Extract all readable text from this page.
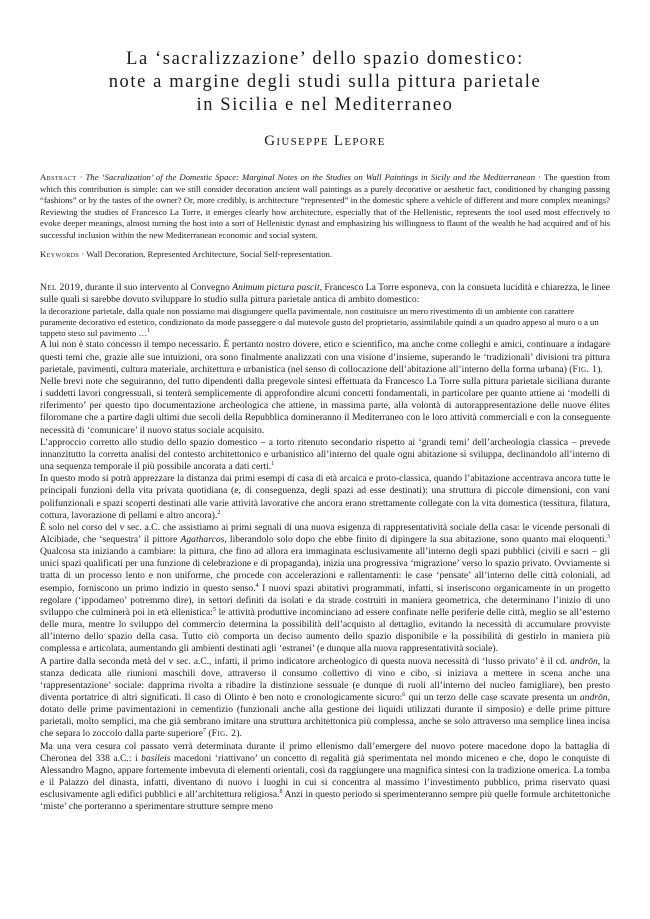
La ‘sacralizzazione’ dello spazio domestico:
note a margine degli studi sulla pittura parietale
in Sicilia e nel Mediterraneo
Giuseppe Lepore
Abstract · The ‘Sacralization’ of the Domestic Space: Marginal Notes on the Studies on Wall Paintings in Sicily and the Mediterranean · The question from which this contribution is simple: can we still consider decoration ancient wall paintings as a purely decorative or aesthetic fact, conditioned by changing passing “fashions” or by the tastes of the owner? Or, more credibly, is architecture “represented” in the domestic sphere a vehicle of different and more complex meanings? Reviewing the studies of Francesco La Torre, it emerges clearly how architecture, especially that of the Hellenistic, represents the tool used most effectively to evoke deeper meanings, almost turning the host into a sort of Hellenistic dynast and emphasizing his willingness to flaunt of the wealth he had acquired and of his successful inclusion within the new Mediterranean economic and social system.
Keywords · Wall Decoration, Represented Architecture, Social Self-representation.

Nel 2019, durante il suo intervento al Convegno Animum pictura pascit, Francesco La Torre esponeva, con la consueta lucidità e chiarezza, le linee sulle quali si sarebbe dovuto sviluppare lo studio sulla pittura parietale antica di ambito domestico:

la decorazione parietale, dalla quale non possiamo mai disgiungere quella pavimentale, non costituisce un mero rivestimento di un ambiente con carattere puramente decorativo ed estetico, condizionato da mode passeggere o dal mutevole gusto del proprietario, assimilabile quindi a un quadro appeso al muro o a un tappeto steso sul pavimento …$^1$

A lui non è stato concesso il tempo necessario. È pertanto nostro dovere, etico e scientifico, ma anche come colleghi e amici, continuare a indagare questi temi che, grazie alle sue intuizioni, ora sono finalmente analizzati con una visione d’insieme, superando le ‘tradizionali’ divisioni tra pittura parietale, pavimenti, cultura materiale, architettura e urbanistica (nel senso di collocazione dell’abitazione all’interno della forma urbana) (Fig. 1).

Nelle brevi note che seguiranno, del tutto dipendenti dalla pregevole sintesi effettuata da Francesco La Torre sulla pittura parietale siciliana durante i suddetti lavori congressuali, si tenterà semplicemente di approfondire alcuni concetti fondamentali, in particolare per quanto attiene ai ‘modelli di riferimento’ per questo tipo documentazione archeologica che attiene, in massima parte, alla volontà di autorappresentazione delle nuove élites filoromane che a partire dagli ultimi due secoli della Repubblica domineranno il Mediterraneo con le loro attività commerciali e con la conseguente necessità di ‘comunicare’ il nuovo status sociale acquisito.

L’approccio corretto allo studio dello spazio domestico – a torto ritenuto secondario rispetto ai ‘grandi temi’ dell’archeologia classica – prevede innanzitutto la corretta analisi del contesto architettonico e urbanistico all’interno del quale ogni abitazione si sviluppa, declinandolo all’interno di una sequenza temporale il più possibile ancorata a dati certi.$^1$

In questo modo si potrà apprezzare la distanza dai primi esempi di casa di età arcaica e proto-classica, quando l’abitazione accentrava ancora tutte le principali funzioni della vita privata quotidiana (e, di conseguenza, degli spazi ad esse destinati): una struttura di piccole dimensioni, con vani polifunzionali e spazi scoperti destinati alle varie attività lavorative che ancora erano strettamente collegate con la vita domestica (tessitura, filatura, cottura, lavorazione di pellami e altro ancora).$^2$

È solo nel corso del v sec. a.C. che assistiamo ai primi segnali di una nuova esigenza di rappresentatività sociale della casa: le vicende personali di Alcibiade, che ‘sequestra’ il pittore Agatharcos, liberandolo solo dopo che ebbe finito di dipingere la sua abitazione, sono quanto mai eloquenti.$^3$ Qualcosa sta iniziando a cambiare: la pittura, che fino ad allora era immaginata esclusivamente all’interno degli spazi pubblici (civili e sacri – gli unici spazi qualificati per una funzione di celebrazione e di propaganda), inizia una progressiva ‘migrazione’ verso lo spazio privato. Ovviamente si tratta di un processo lento e non uniforme, che procede con accelerazioni e rallentamenti: le case ‘pensate’ all’interno delle città coloniali, ad esempio, forniscono un primo indizio in questo senso.$^4$ I nuovi spazi abitativi programmati, infatti, si inseriscono organicamente in un progetto regolare (‘ippodameo’ potremmo dire), in settori definiti da isolati e da strade costruiti in maniera geometrica, che determinano l’inizio di uno sviluppo che culminerà poi in età ellenistica:$^5$ le attività produttive incominciano ad essere confinate nelle periferie delle città, meglio se all’esterno delle mura, mentre lo sviluppo del commercio determina la possibilità dell’acquisto al dettaglio, evitando la necessità di accumulare provviste all’interno dello spazio della casa. Tutto ciò comporta un deciso aumento dello spazio disponibile e la possibilità di gestirlo in maniera più complessa e articolata, aumentando gli ambienti destinati agli ‘estranei’ (e dunque alla nuova rappresentatività sociale).

A partire dalla seconda metà del v sec. a.C., infatti, il primo indicatore archeologico di questa nuova necessità di ‘lusso privato’ è il cd. andrōn, la stanza dedicata alle riunioni maschili dove, attraverso il consumo collettivo di vino e cibo, si iniziava a mettere in scena anche una ‘rappresentazione’ sociale: dapprima rivolta a ribadire la distinzione sessuale (e dunque di ruoli all’interno del nucleo famigliare), ben presto diventa portatrice di altri significati. Il caso di Olinto è ben noto e cronologicamente sicuro:$^6$ qui un terzo delle case scavate presenta un andrōn, dotato delle prime pavimentazioni in cementizio (funzionali anche alla gestione dei liquidi utilizzati durante il simposio) e delle prime pitture parietali, molto semplici, ma che già sembrano imitare una struttura architettonica più complessa, anche se solo attraverso una semplice linea incisa che separa lo zoccolo dalla parte superiore$^7$ (Fig. 2).

Ma una vera cesura col passato verrà determinata durante il primo ellenismo dall’emergere del nuovo potere macedone dopo la battaglia di Cheronea del 338 a.C.: i basileis macedoni ‘riattivano’ un concetto di regalità già sperimentata nel mondo miceneo e che, dopo le conquiste di Alessandro Magno, appare fortemente imbevuta di elementi orientali, così da raggiungere una magnifica sintesi con la tradizione omerica. La tomba e il Palazzo del dinasta, infatti, diventano di nuovo i luoghi in cui si concentra al massimo l’investimento pubblico, prima riservato quasi esclusivamente agli edifici pubblici e all’architettura religiosa.$^8$ Anzi in questo periodo si sperimenteranno sempre più quelle formule architettoniche ‘miste’ che porteranno a sperimentare strutture sempre meno
